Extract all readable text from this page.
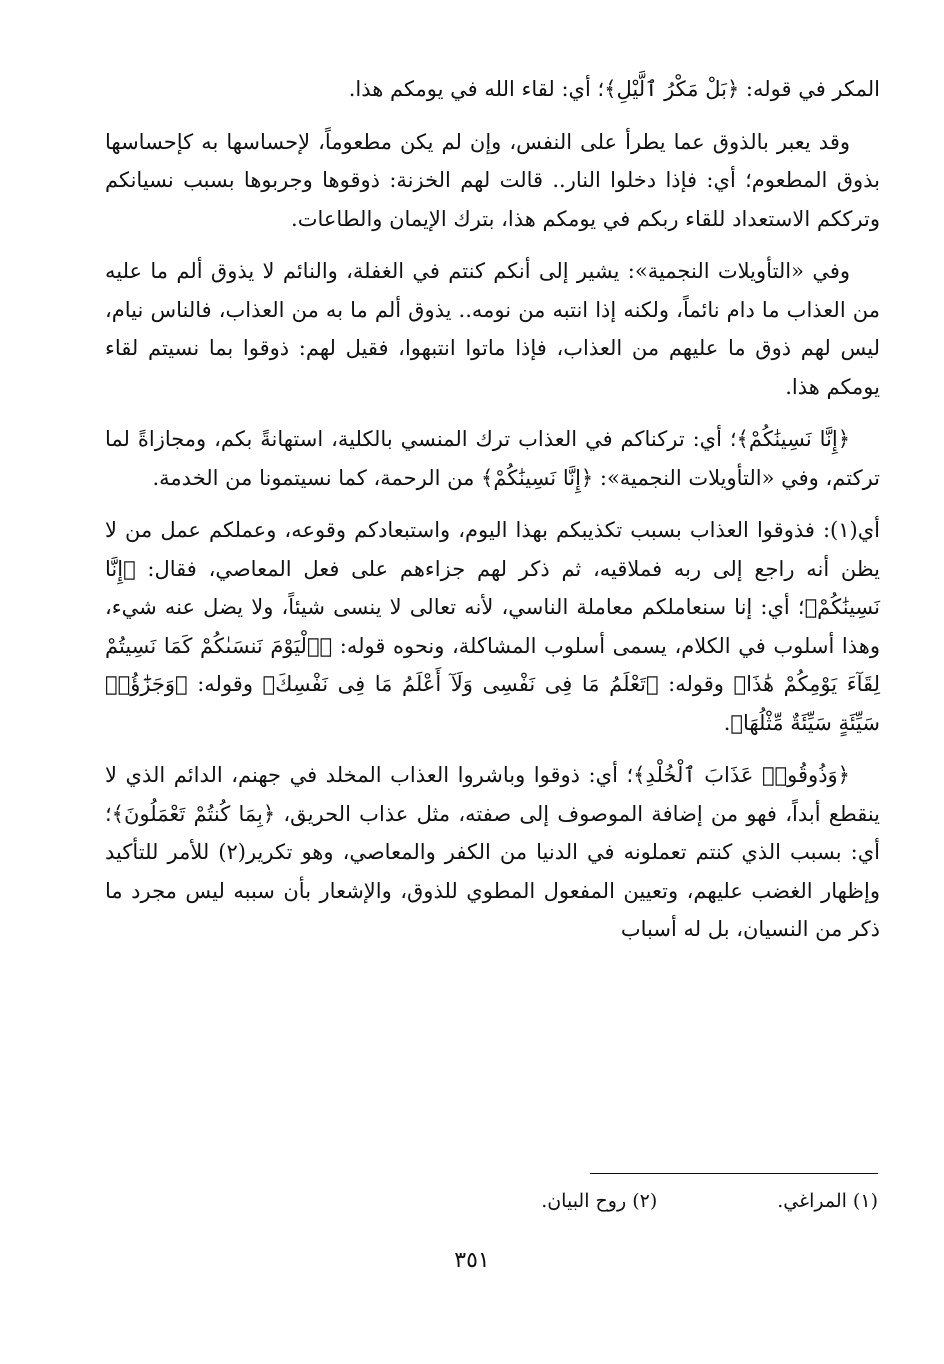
المكر في قوله: ﴿بَلْ مَكْرُ ٱلَّيْلِ﴾؛ أي: لقاء الله في يومكم هذا.

وقد يعبر بالذوق عما يطرأ على النفس، وإن لم يكن مطعوماً، لإحساسها به كإحساسها بذوق المطعوم؛ أي: فإذا دخلوا النار.. قالت لهم الخزنة: ذوقوها وجربوها بسبب نسيانكم وترككم الاستعداد للقاء ربكم في يومكم هذا، بترك الإيمان والطاعات.

وفي «التأويلات النجمية»: يشير إلى أنكم كنتم في الغفلة، والنائم لا يذوق ألم ما عليه من العذاب ما دام نائماً، ولكنه إذا انتبه من نومه.. يذوق ألم ما به من العذاب، فالناس نيام، ليس لهم ذوق ما عليهم من العذاب، فإذا ماتوا انتبهوا، فقيل لهم: ذوقوا بما نسيتم لقاء يومكم هذا.

﴿إِنَّا نَسِينَٰكُمْ﴾؛ أي: تركناكم في العذاب ترك المنسي بالكلية، استهانةً بكم، ومجازاةً لما تركتم، وفي «التأويلات النجمية»: ﴿إِنَّا نَسِينَٰكُمْ﴾ من الرحمة، كما نسيتمونا من الخدمة.

أي(١): فذوقوا العذاب بسبب تكذيبكم بهذا اليوم، واستبعادكم وقوعه، وعملكم عمل من لا يظن أنه راجع إلى ربه فملاقيه، ثم ذكر لهم جزاءهم على فعل المعاصي، فقال: ﴿إِنَّا نَسِينَٰكُمْ﴾؛ أي: إنا سنعاملكم معاملة الناسي، لأنه تعالى لا ينسى شيئاً، ولا يضل عنه شيء، وهذا أسلوب في الكلام، يسمى أسلوب المشاكلة، ونحوه قوله: ﴿ٱلْيَوْمَ نَنسَىٰكُمْ كَمَا نَسِيتُمْ لِقَآءَ يَوْمِكُمْ هَٰذَا﴾ وقوله: ﴿تَعْلَمُ مَا فِى نَفْسِى وَلَآ أَعْلَمُ مَا فِى نَفْسِكَ﴾ وقوله: ﴿وَجَزَٰٓؤُا۟ سَيِّئَةٍ سَيِّئَةٌ مِّثْلُهَا﴾.

﴿وَذُوقُوا۟ عَذَابَ ٱلْخُلْدِ﴾؛ أي: ذوقوا وباشروا العذاب المخلد في جهنم، الدائم الذي لا ينقطع أبداً، فهو من إضافة الموصوف إلى صفته، مثل عذاب الحريق، ﴿بِمَا كُنتُمْ تَعْمَلُونَ﴾؛ أي: بسبب الذي كنتم تعملونه في الدنيا من الكفر والمعاصي، وهو تكرير(٢) للأمر للتأكيد وإظهار الغضب عليهم، وتعيين المفعول المطوي للذوق، والإشعار بأن سببه ليس مجرد ما ذكر من النسيان، بل له أسباب

(١) المراغي.
(٢) روح البيان.
٣٥١
